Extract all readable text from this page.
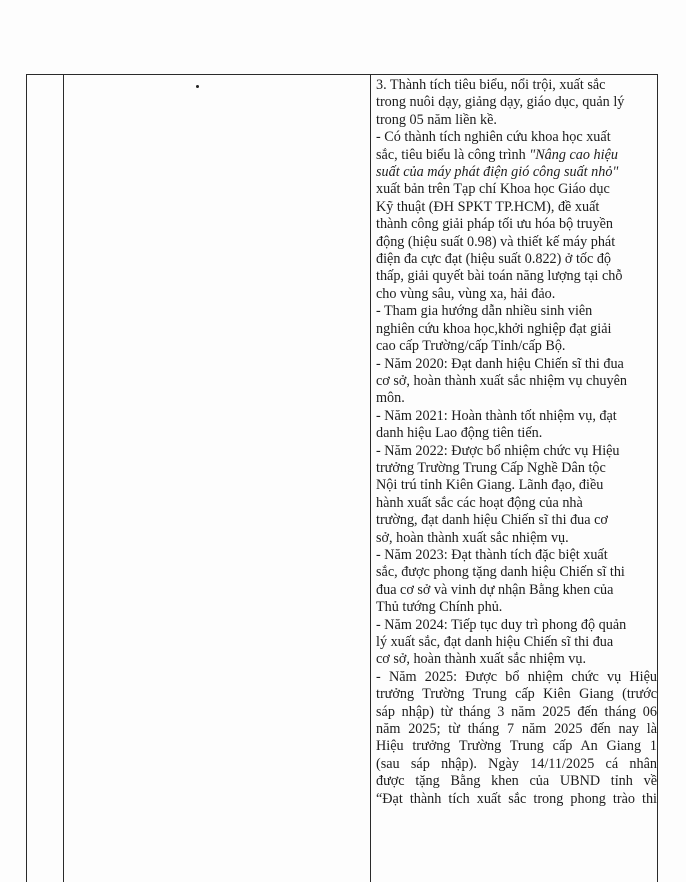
3. Thành tích tiêu biểu, nổi trội, xuất sắc
trong nuôi dạy, giảng dạy, giáo dục, quản lý
trong 05 năm liền kề.
- Có thành tích nghiên cứu khoa học xuất
sắc, tiêu biểu là công trình "Nâng cao hiệu
suất của máy phát điện gió công suất nhỏ"
xuất bản trên Tạp chí Khoa học Giáo dục
Kỹ thuật (ĐH SPKT TP.HCM), đề xuất
thành công giải pháp tối ưu hóa bộ truyền
động (hiệu suất 0.98) và thiết kế máy phát
điện đa cực đạt (hiệu suất 0.822) ở tốc độ
thấp, giải quyết bài toán năng lượng tại chỗ
cho vùng sâu, vùng xa, hải đảo.
- Tham gia hướng dẫn nhiều sinh viên
nghiên cứu khoa học,khởi nghiệp đạt giải
cao cấp Trường/cấp Tỉnh/cấp Bộ.
- Năm 2020: Đạt danh hiệu Chiến sĩ thi đua
cơ sở, hoàn thành xuất sắc nhiệm vụ chuyên
môn.
- Năm 2021: Hoàn thành tốt nhiệm vụ, đạt
danh hiệu Lao động tiên tiến.
- Năm 2022: Được bổ nhiệm chức vụ Hiệu
trưởng Trường Trung Cấp Nghề Dân tộc
Nội trú tỉnh Kiên Giang. Lãnh đạo, điều
hành xuất sắc các hoạt động của nhà
trường, đạt danh hiệu Chiến sĩ thi đua cơ
sở, hoàn thành xuất sắc nhiệm vụ.
- Năm 2023: Đạt thành tích đặc biệt xuất
sắc, được phong tặng danh hiệu Chiến sĩ thi
đua cơ sở và vinh dự nhận Bằng khen của
Thủ tướng Chính phủ.
- Năm 2024: Tiếp tục duy trì phong độ quản
lý xuất sắc, đạt danh hiệu Chiến sĩ thi đua
cơ sở, hoàn thành xuất sắc nhiệm vụ.
- Năm 2025: Được bổ nhiệm chức vụ Hiệu
trưởng Trường Trung cấp Kiên Giang (trước
sáp nhập) từ tháng 3 năm 2025 đến tháng 06
năm 2025; từ tháng 7 năm 2025 đến nay là
Hiệu trưởng Trường Trung cấp An Giang 1
(sau sáp nhập). Ngày 14/11/2025 cá nhân
được tặng Bằng khen của UBND tỉnh về
“Đạt thành tích xuất sắc trong phong trào thi
